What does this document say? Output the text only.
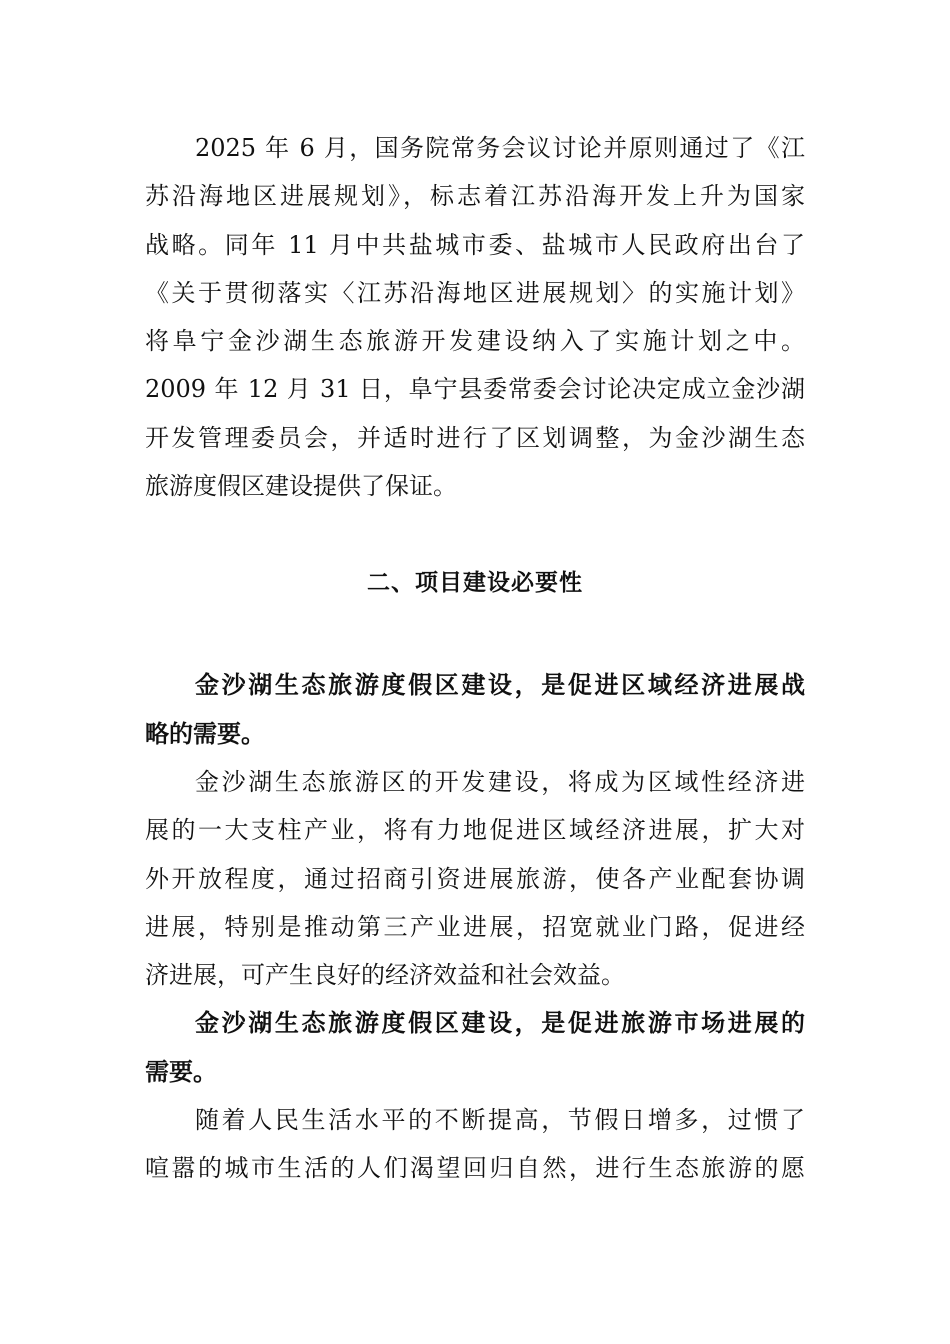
2025 年 6 月，国务院常务会议讨论并原则通过了《江
苏沿海地区进展规划》，标志着江苏沿海开发上升为国家
战略。同年 11 月中共盐城市委、盐城市人民政府出台了
《关于贯彻落实〈江苏沿海地区进展规划〉的实施计划》
将阜宁金沙湖生态旅游开发建设纳入了实施计划之中。
2009 年 12 月 31 日，阜宁县委常委会讨论决定成立金沙湖
开发管理委员会，并适时进行了区划调整，为金沙湖生态
旅游度假区建设提供了保证。
二、项目建设必要性
金沙湖生态旅游度假区建设，是促进区域经济进展战
略的需要。
金沙湖生态旅游区的开发建设，将成为区域性经济进
展的一大支柱产业，将有力地促进区域经济进展，扩大对
外开放程度，通过招商引资进展旅游，使各产业配套协调
进展，特别是推动第三产业进展，招宽就业门路，促进经
济进展，可产生良好的经济效益和社会效益。
金沙湖生态旅游度假区建设，是促进旅游市场进展的
需要。
随着人民生活水平的不断提高，节假日增多，过惯了
喧嚣的城市生活的人们渴望回归自然，进行生态旅游的愿
